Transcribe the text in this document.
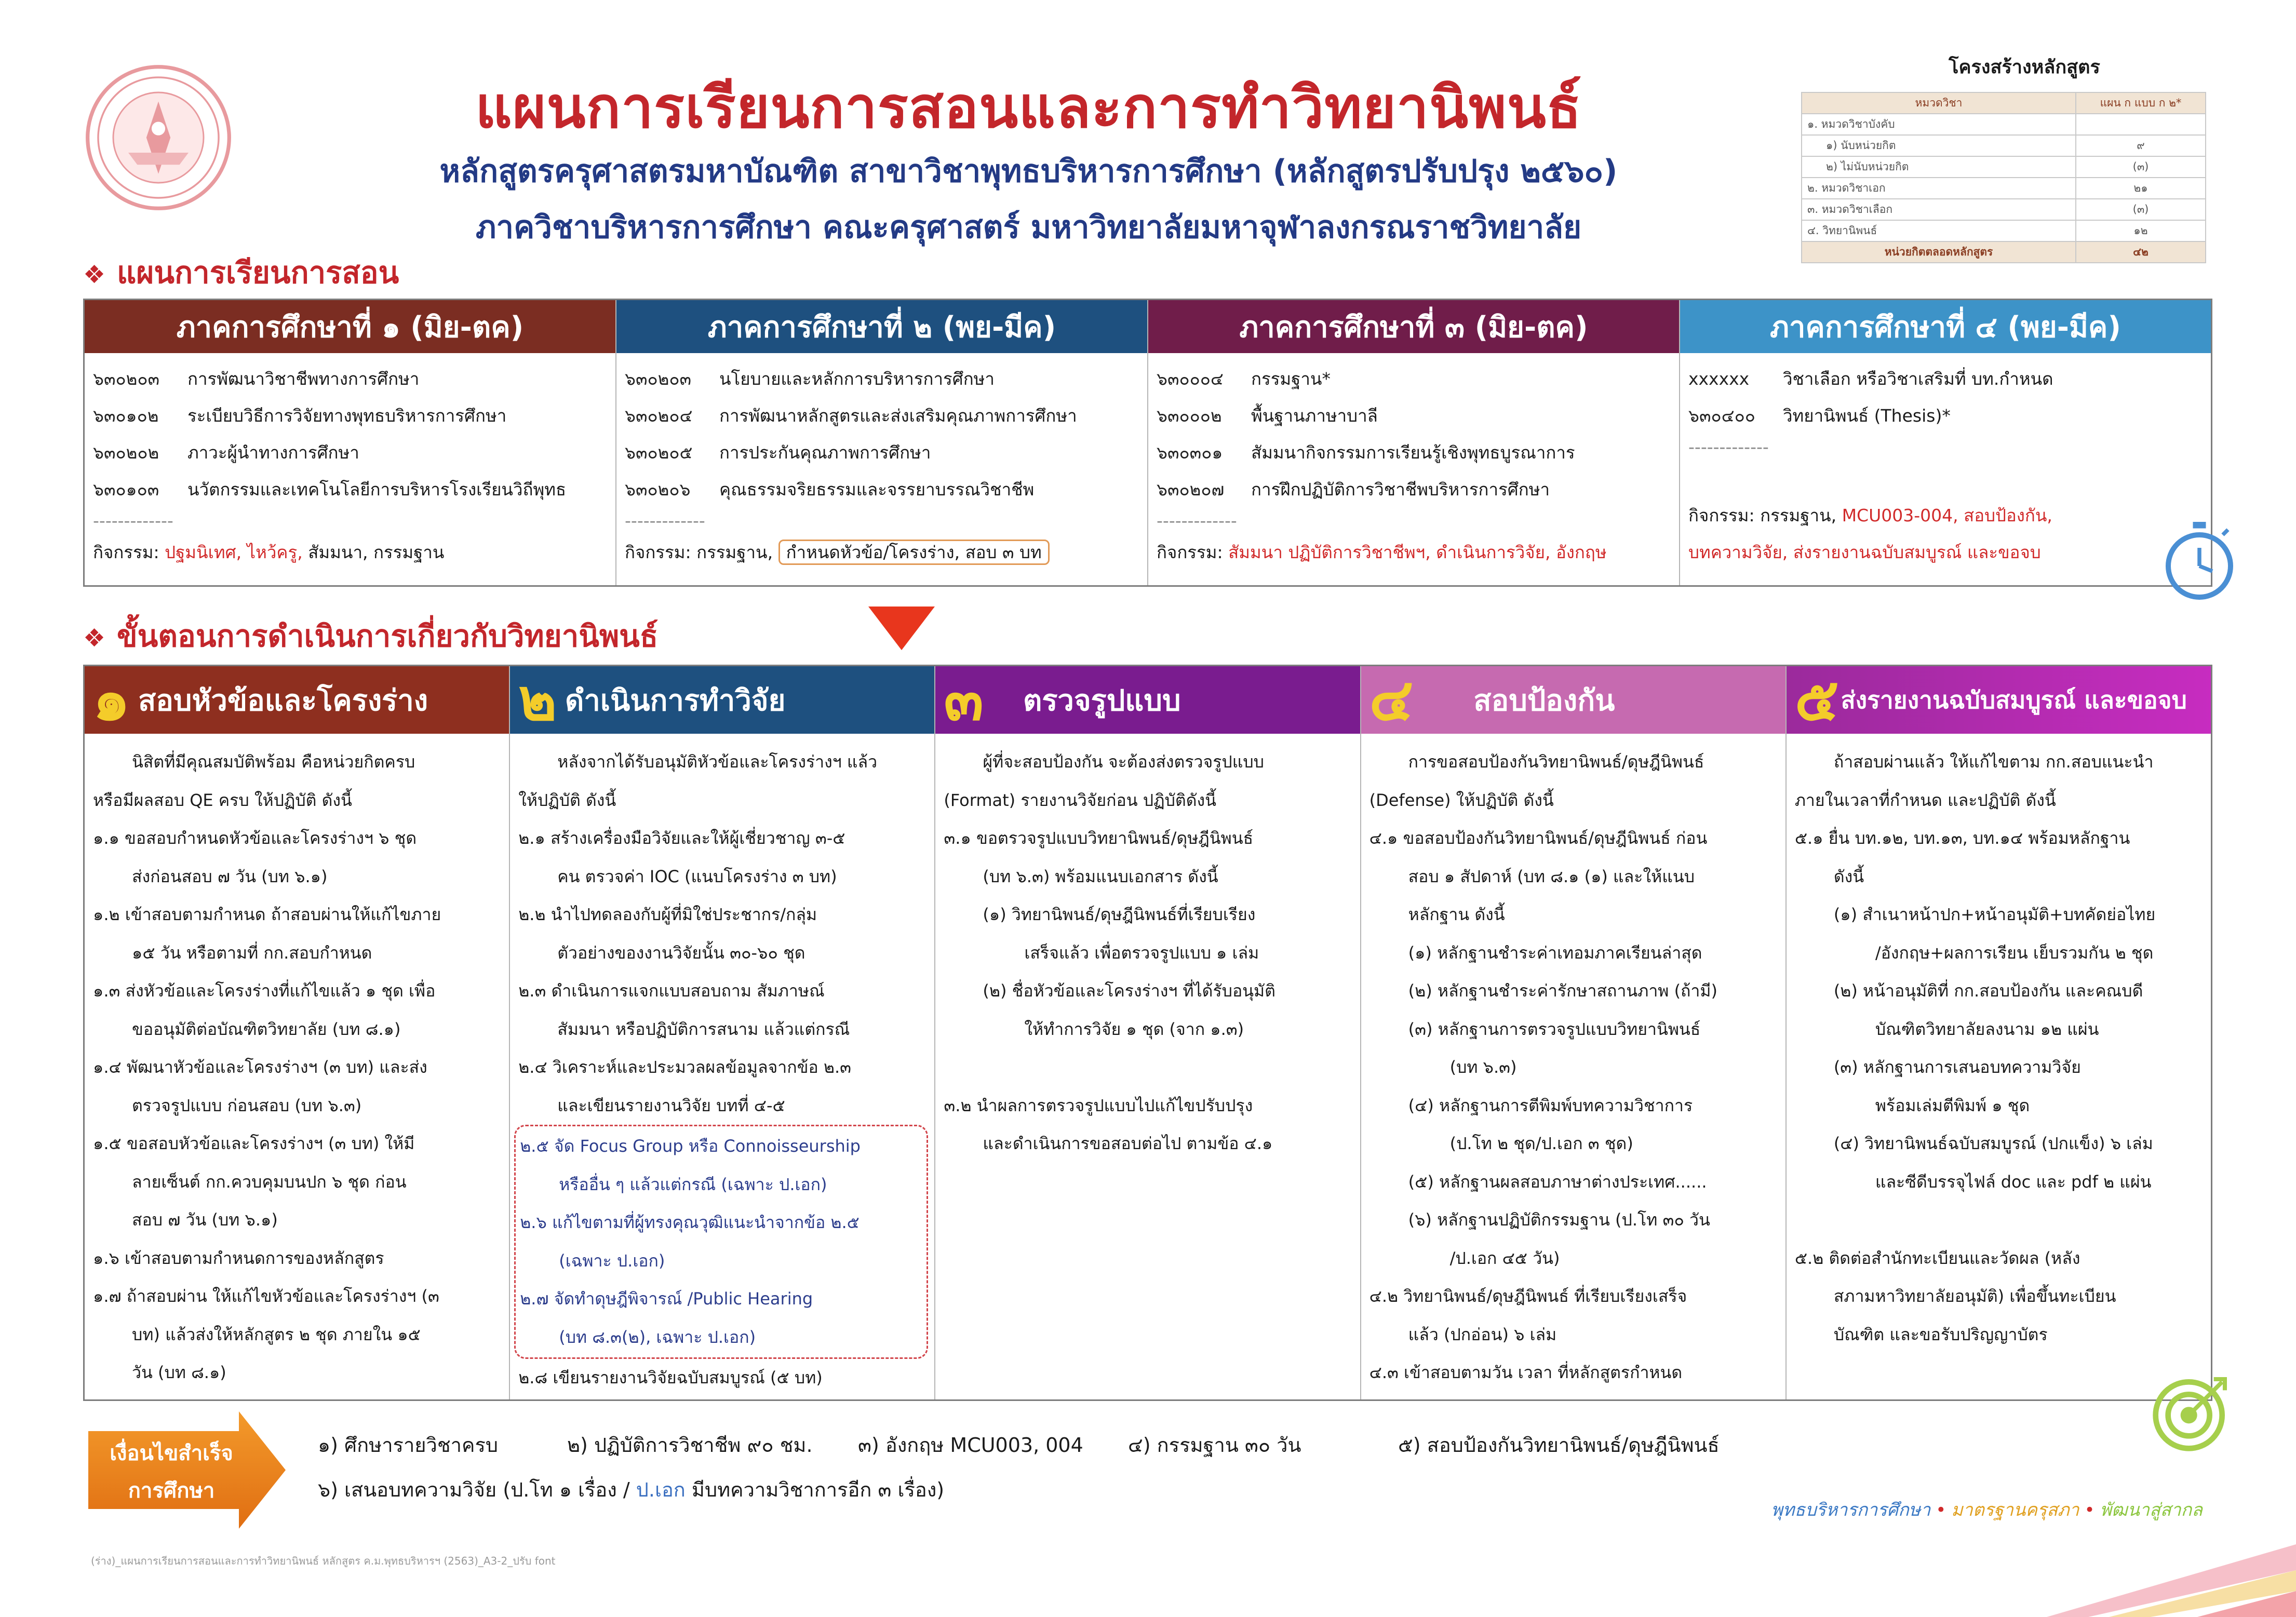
แผนการเรียนการสอนและการทำวิทยานิพนธ์
หลักสูตรครุศาสตรมหาบัณฑิต สาขาวิชาพุทธบริหารการศึกษา (หลักสูตรปรับปรุง ๒๕๖๐)
ภาควิชาบริหารการศึกษา คณะครุศาสตร์ มหาวิทยาลัยมหาจุฬาลงกรณราชวิทยาลัย
โครงสร้างหลักสูตร
หมวดวิชา	แผน ก แบบ ก ๒*
๑. หมวดวิชาบังคับ	
๑) นับหน่วยกิต	๙
๒) ไม่นับหน่วยกิต	(๓)
๒. หมวดวิชาเอก	๒๑
๓. หมวดวิชาเลือก	(๓)
๔. วิทยานิพนธ์	๑๒
หน่วยกิตตลอดหลักสูตร	๔๒
❖ แผนการเรียนการสอน
ภาคการศึกษาที่ ๑ (มิย-ตค)
๖๓๐๒๐๓ การพัฒนาวิชาชีพทางการศึกษา
๖๓๐๑๐๒ ระเบียบวิธีการวิจัยทางพุทธบริหารการศึกษา
๖๓๐๒๐๒ ภาวะผู้นำทางการศึกษา
๖๓๐๑๐๓ นวัตกรรมและเทคโนโลยีการบริหารโรงเรียนวิถีพุทธ
-------------
กิจกรรม: ปฐมนิเทศ, ไหว้ครู, สัมมนา, กรรมฐาน
ภาคการศึกษาที่ ๒ (พย-มีค)
๖๓๐๒๐๓ นโยบายและหลักการบริหารการศึกษา
๖๓๐๒๐๔ การพัฒนาหลักสูตรและส่งเสริมคุณภาพการศึกษา
๖๓๐๒๐๕ การประกันคุณภาพการศึกษา
๖๓๐๒๐๖ คุณธรรมจริยธรรมและจรรยาบรรณวิชาชีพ
-------------
กิจกรรม: กรรมฐาน, กำหนดหัวข้อ/โครงร่าง, สอบ ๓ บท
ภาคการศึกษาที่ ๓ (มิย-ตค)
๖๓๐๐๐๔ กรรมฐาน*
๖๓๐๐๐๒ พื้นฐานภาษาบาลี
๖๓๐๓๐๑ สัมมนากิจกรรมการเรียนรู้เชิงพุทธบูรณาการ
๖๓๐๒๐๗ การฝึกปฏิบัติการวิชาชีพบริหารการศึกษา
-------------
กิจกรรม: สัมมนา ปฏิบัติการวิชาชีพฯ, ดำเนินการวิจัย, อังกฤษ
ภาคการศึกษาที่ ๔ (พย-มีค)
xxxxxx วิชาเลือก หรือวิชาเสริมที่ บท.กำหนด
๖๓๐๔๐๐ วิทยานิพนธ์ (Thesis)*
-------------

กิจกรรม: กรรมฐาน, MCU003-004, สอบป้องกัน,
บทความวิจัย, ส่งรายงานฉบับสมบูรณ์ และขอจบ
❖ ขั้นตอนการดำเนินการเกี่ยวกับวิทยานิพนธ์
๑ สอบหัวข้อและโครงร่าง
นิสิตที่มีคุณสมบัติพร้อม คือหน่วยกิตครบ
หรือมีผลสอบ QE ครบ ให้ปฏิบัติ ดังนี้
๑.๑ ขอสอบกำหนดหัวข้อและโครงร่างฯ ๖ ชุด
ส่งก่อนสอบ ๗ วัน (บท ๖.๑)
๑.๒ เข้าสอบตามกำหนด ถ้าสอบผ่านให้แก้ไขภาย
๑๕ วัน หรือตามที่ กก.สอบกำหนด
๑.๓ ส่งหัวข้อและโครงร่างที่แก้ไขแล้ว ๑ ชุด เพื่อ
ขออนุมัติต่อบัณฑิตวิทยาลัย (บท ๘.๑)
๑.๔ พัฒนาหัวข้อและโครงร่างฯ (๓ บท) และส่ง
ตรวจรูปแบบ ก่อนสอบ (บท ๖.๓)
๑.๕ ขอสอบหัวข้อและโครงร่างฯ (๓ บท) ให้มี
ลายเซ็นต์ กก.ควบคุมบนปก ๖ ชุด ก่อน
สอบ ๗ วัน (บท ๖.๑)
๑.๖ เข้าสอบตามกำหนดการของหลักสูตร
๑.๗ ถ้าสอบผ่าน ให้แก้ไขหัวข้อและโครงร่างฯ (๓
บท) แล้วส่งให้หลักสูตร ๒ ชุด ภายใน ๑๕
วัน (บท ๘.๑)
๒ ดำเนินการทำวิจัย
หลังจากได้รับอนุมัติหัวข้อและโครงร่างฯ แล้ว
ให้ปฏิบัติ ดังนี้
๒.๑ สร้างเครื่องมือวิจัยและให้ผู้เชี่ยวชาญ ๓-๕
คน ตรวจค่า IOC (แนบโครงร่าง ๓ บท)
๒.๒ นำไปทดลองกับผู้ที่มิใช่ประชากร/กลุ่ม
ตัวอย่างของงานวิจัยนั้น ๓๐-๖๐ ชุด
๒.๓ ดำเนินการแจกแบบสอบถาม สัมภาษณ์
สัมมนา หรือปฏิบัติการสนาม แล้วแต่กรณี
๒.๔ วิเคราะห์และประมวลผลข้อมูลจากข้อ ๒.๓
และเขียนรายงานวิจัย บทที่ ๔-๕
๒.๕ จัด Focus Group หรือ Connoisseurship
หรืออื่น ๆ แล้วแต่กรณี (เฉพาะ ป.เอก)
๒.๖ แก้ไขตามที่ผู้ทรงคุณวุฒิแนะนำจากข้อ ๒.๕
(เฉพาะ ป.เอก)
๒.๗ จัดทำดุษฎีพิจารณ์ /Public Hearing
(บท ๘.๓(๒), เฉพาะ ป.เอก)
๒.๘ เขียนรายงานวิจัยฉบับสมบูรณ์ (๕ บท)
๓ ตรวจรูปแบบ
ผู้ที่จะสอบป้องกัน จะต้องส่งตรวจรูปแบบ
(Format) รายงานวิจัยก่อน ปฏิบัติดังนี้
๓.๑ ขอตรวจรูปแบบวิทยานิพนธ์/ดุษฎีนิพนธ์
(บท ๖.๓) พร้อมแนบเอกสาร ดังนี้
(๑) วิทยานิพนธ์/ดุษฎีนิพนธ์ที่เรียบเรียง
เสร็จแล้ว เพื่อตรวจรูปแบบ ๑ เล่ม
(๒) ชื่อหัวข้อและโครงร่างฯ ที่ได้รับอนุมัติ
ให้ทำการวิจัย ๑ ชุด (จาก ๑.๓)

๓.๒ นำผลการตรวจรูปแบบไปแก้ไขปรับปรุง
และดำเนินการขอสอบต่อไป ตามข้อ ๔.๑
๔ สอบป้องกัน
การขอสอบป้องกันวิทยานิพนธ์/ดุษฎีนิพนธ์
(Defense) ให้ปฏิบัติ ดังนี้
๔.๑ ขอสอบป้องกันวิทยานิพนธ์/ดุษฎีนิพนธ์ ก่อน
สอบ ๑ สัปดาห์ (บท ๘.๑ (๑) และให้แนบ
หลักฐาน ดังนี้
(๑) หลักฐานชำระค่าเทอมภาคเรียนล่าสุด
(๒) หลักฐานชำระค่ารักษาสถานภาพ (ถ้ามี)
(๓) หลักฐานการตรวจรูปแบบวิทยานิพนธ์
(บท ๖.๓)
(๔) หลักฐานการตีพิมพ์บทความวิชาการ
(ป.โท ๒ ชุด/ป.เอก ๓ ชุด)
(๕) หลักฐานผลสอบภาษาต่างประเทศ......
(๖) หลักฐานปฏิบัติกรรมฐาน (ป.โท ๓๐ วัน
/ป.เอก ๔๕ วัน)
๔.๒ วิทยานิพนธ์/ดุษฎีนิพนธ์ ที่เรียบเรียงเสร็จ
แล้ว (ปกอ่อน) ๖ เล่ม
๔.๓ เข้าสอบตามวัน เวลา ที่หลักสูตรกำหนด
๕ ส่งรายงานฉบับสมบูรณ์ และขอจบ
ถ้าสอบผ่านแล้ว ให้แก้ไขตาม กก.สอบแนะนำ
ภายในเวลาที่กำหนด และปฏิบัติ ดังนี้
๕.๑ ยื่น บท.๑๒, บท.๑๓, บท.๑๔ พร้อมหลักฐาน
ดังนี้
(๑) สำเนาหน้าปก+หน้าอนุมัติ+บทคัดย่อไทย
/อังกฤษ+ผลการเรียน เย็บรวมกัน ๒ ชุด
(๒) หน้าอนุมัติที่ กก.สอบป้องกัน และคณบดี
บัณฑิตวิทยาลัยลงนาม ๑๒ แผ่น
(๓) หลักฐานการเสนอบทความวิจัย
พร้อมเล่มตีพิมพ์ ๑ ชุด
(๔) วิทยานิพนธ์ฉบับสมบูรณ์ (ปกแข็ง) ๖ เล่ม
และซีดีบรรจุไฟล์ doc และ pdf ๒ แผ่น

๕.๒ ติดต่อสำนักทะเบียนและวัดผล (หลัง
สภามหาวิทยาลัยอนุมัติ) เพื่อขึ้นทะเบียน
บัณฑิต และขอรับปริญญาบัตร
เงื่อนไขสำเร็จ
การศึกษา
๑) ศึกษารายวิชาครบ	๒) ปฏิบัติการวิชาชีพ ๙๐ ชม. ๓) อังกฤษ MCU003, 004 ๔) กรรมฐาน ๓๐ วัน	๕) สอบป้องกันวิทยานิพนธ์/ดุษฎีนิพนธ์
๖) เสนอบทความวิจัย (ป.โท ๑ เรื่อง / ป.เอก มีบทความวิชาการอีก ๓ เรื่อง)
พุทธบริหารการศึกษา • มาตรฐานครุสภา • พัฒนาสู่สากล
(ร่าง)_แผนการเรียนการสอนและการทำวิทยานิพนธ์ หลักสูตร ค.ม.พุทธบริหารฯ (2563)_A3-2_ปรับ font
